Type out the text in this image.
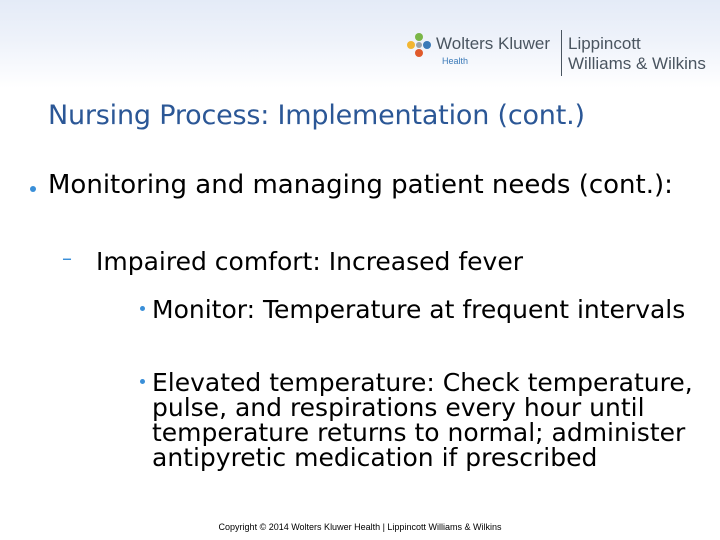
Wolters Kluwer
Health
Lippincott
Williams & Wilkins
Nursing Process: Implementation (cont.)
Monitoring and managing patient needs (cont.):
– Impaired comfort: Increased fever
Monitor: Temperature at frequent intervals
Elevated temperature: Check temperature, pulse, and respirations every hour until temperature returns to normal; administer antipyretic medication if prescribed
Copyright © 2014 Wolters Kluwer Health | Lippincott Williams & Wilkins
